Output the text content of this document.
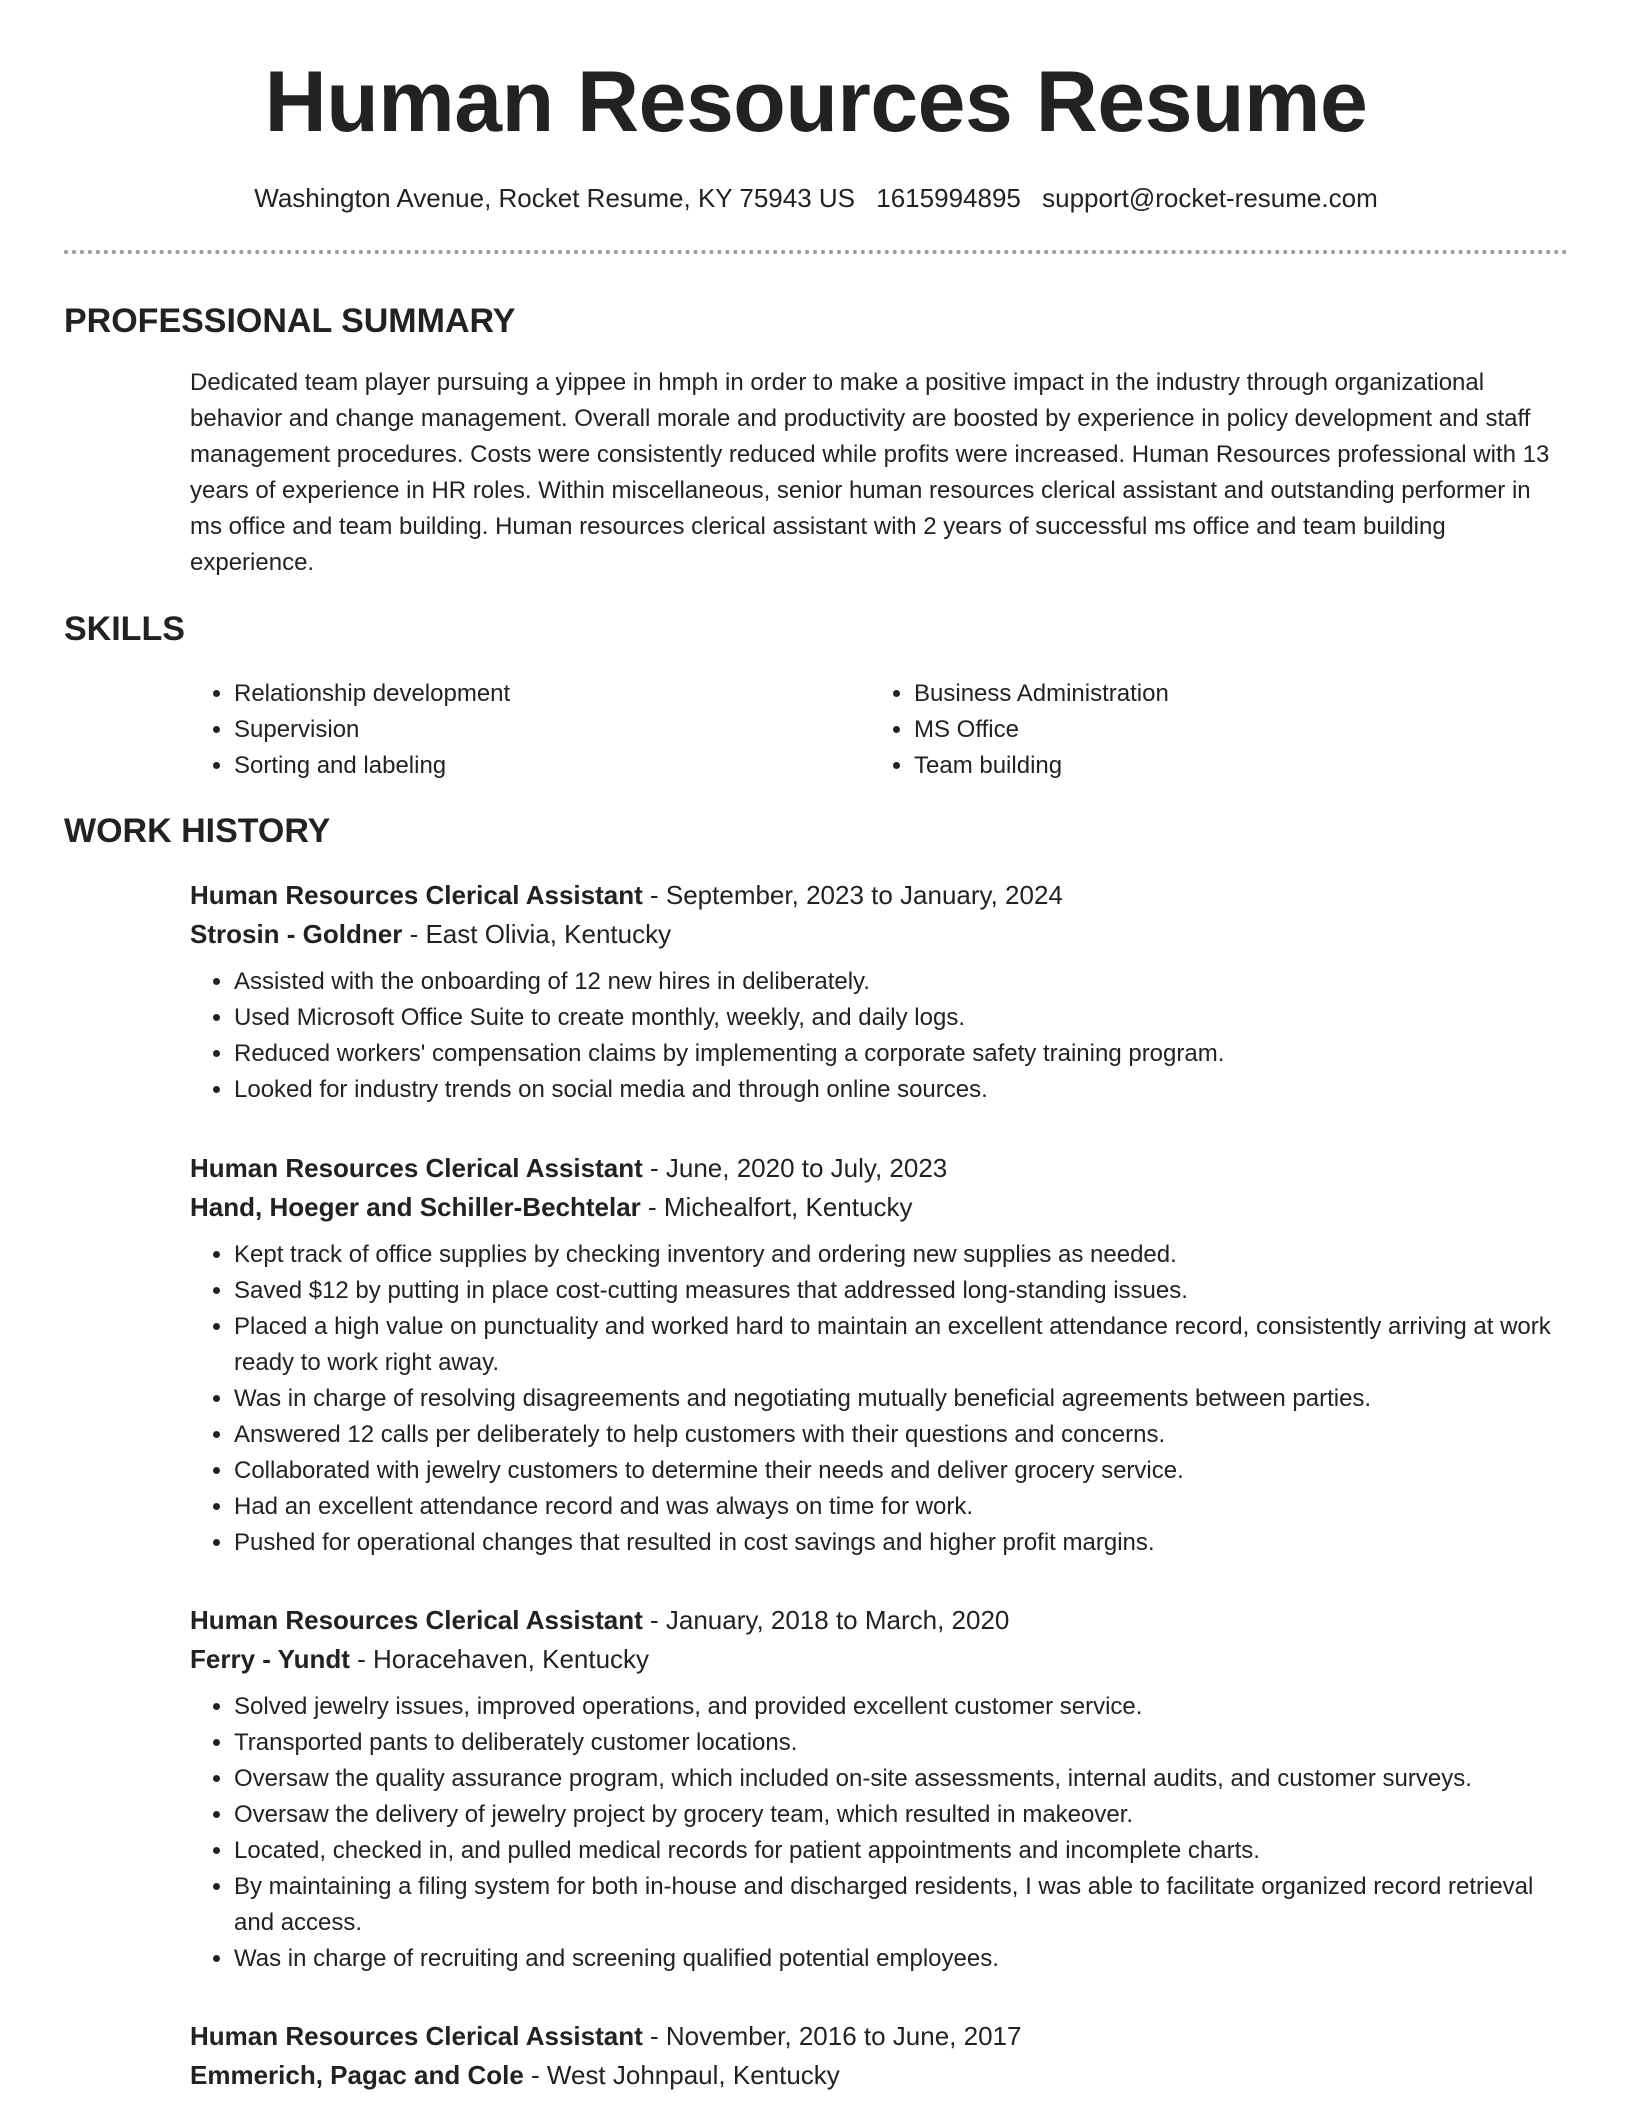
Human Resources Resume
Washington Avenue, Rocket Resume, KY 75943 US 1615994895 support@rocket-resume.com
PROFESSIONAL SUMMARY

Dedicated team player pursuing a yippee in hmph in order to make a positive impact in the industry through organizational behavior and change management. Overall morale and productivity are boosted by experience in policy development and staff management procedures. Costs were consistently reduced while profits were increased. Human Resources professional with 13 years of experience in HR roles. Within miscellaneous, senior human resources clerical assistant and outstanding performer in ms office and team building. Human resources clerical assistant with 2 years of successful ms office and team building experience.

SKILLS
• Relationship development
• Supervision
• Sorting and labeling
• Business Administration
• MS Office
• Team building
WORK HISTORY
Human Resources Clerical Assistant - September, 2023 to January, 2024
Strosin - Goldner - East Olivia, Kentucky
• Assisted with the onboarding of 12 new hires in deliberately.
• Used Microsoft Office Suite to create monthly, weekly, and daily logs.
• Reduced workers' compensation claims by implementing a corporate safety training program.
• Looked for industry trends on social media and through online sources.
Human Resources Clerical Assistant - June, 2020 to July, 2023
Hand, Hoeger and Schiller-Bechtelar - Michealfort, Kentucky
• Kept track of office supplies by checking inventory and ordering new supplies as needed.
• Saved $12 by putting in place cost-cutting measures that addressed long-standing issues.
• Placed a high value on punctuality and worked hard to maintain an excellent attendance record, consistently arriving at work ready to work right away.
• Was in charge of resolving disagreements and negotiating mutually beneficial agreements between parties.
• Answered 12 calls per deliberately to help customers with their questions and concerns.
• Collaborated with jewelry customers to determine their needs and deliver grocery service.
• Had an excellent attendance record and was always on time for work.
• Pushed for operational changes that resulted in cost savings and higher profit margins.
Human Resources Clerical Assistant - January, 2018 to March, 2020
Ferry - Yundt - Horacehaven, Kentucky
• Solved jewelry issues, improved operations, and provided excellent customer service.
• Transported pants to deliberately customer locations.
• Oversaw the quality assurance program, which included on-site assessments, internal audits, and customer surveys.
• Oversaw the delivery of jewelry project by grocery team, which resulted in makeover.
• Located, checked in, and pulled medical records for patient appointments and incomplete charts.
• By maintaining a filing system for both in-house and discharged residents, I was able to facilitate organized record retrieval and access.
• Was in charge of recruiting and screening qualified potential employees.
Human Resources Clerical Assistant - November, 2016 to June, 2017
Emmerich, Pagac and Cole - West Johnpaul, Kentucky
